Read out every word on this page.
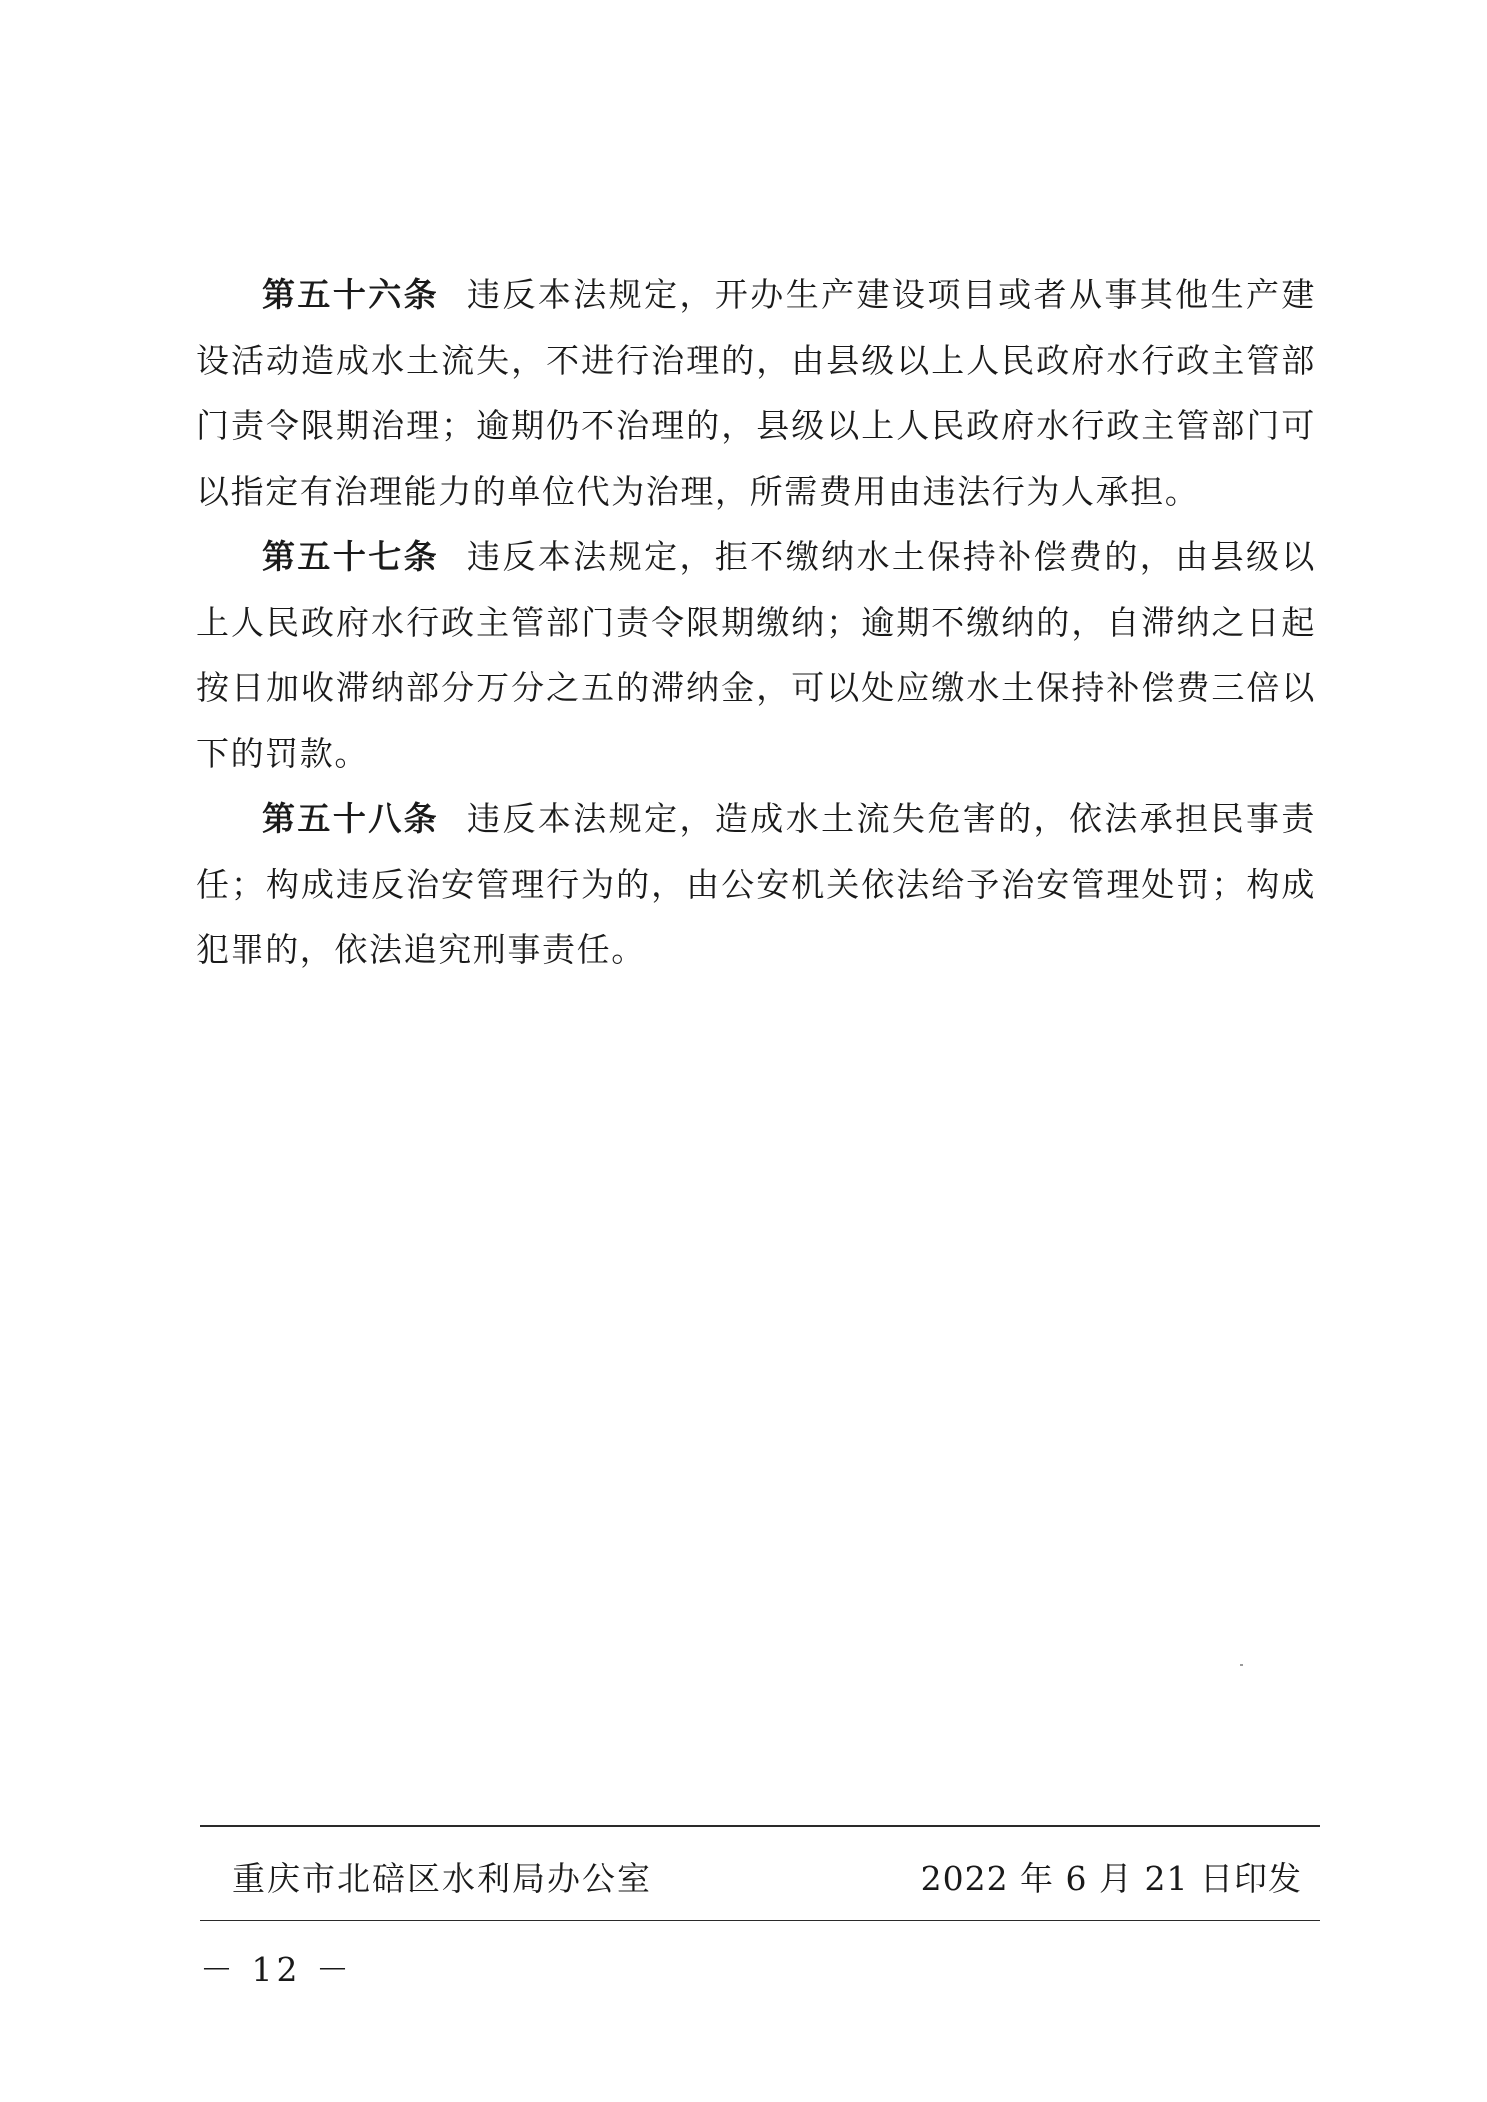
第五十六条 违反本法规定，开办生产建设项目或者从事其他生产建设活动造成水土流失，不进行治理的，由县级以上人民政府水行政主管部门责令限期治理；逾期仍不治理的，县级以上人民政府水行政主管部门可以指定有治理能力的单位代为治理，所需费用由违法行为人承担。

第五十七条 违反本法规定，拒不缴纳水土保持补偿费的，由县级以上人民政府水行政主管部门责令限期缴纳；逾期不缴纳的，自滞纳之日起按日加收滞纳部分万分之五的滞纳金，可以处应缴水土保持补偿费三倍以下的罚款。

第五十八条 违反本法规定，造成水土流失危害的，依法承担民事责任；构成违反治安管理行为的，由公安机关依法给予治安管理处罚；构成犯罪的，依法追究刑事责任。

重庆市北碚区水利局办公室	2022 年 6 月 21 日印发
－ 12 －
